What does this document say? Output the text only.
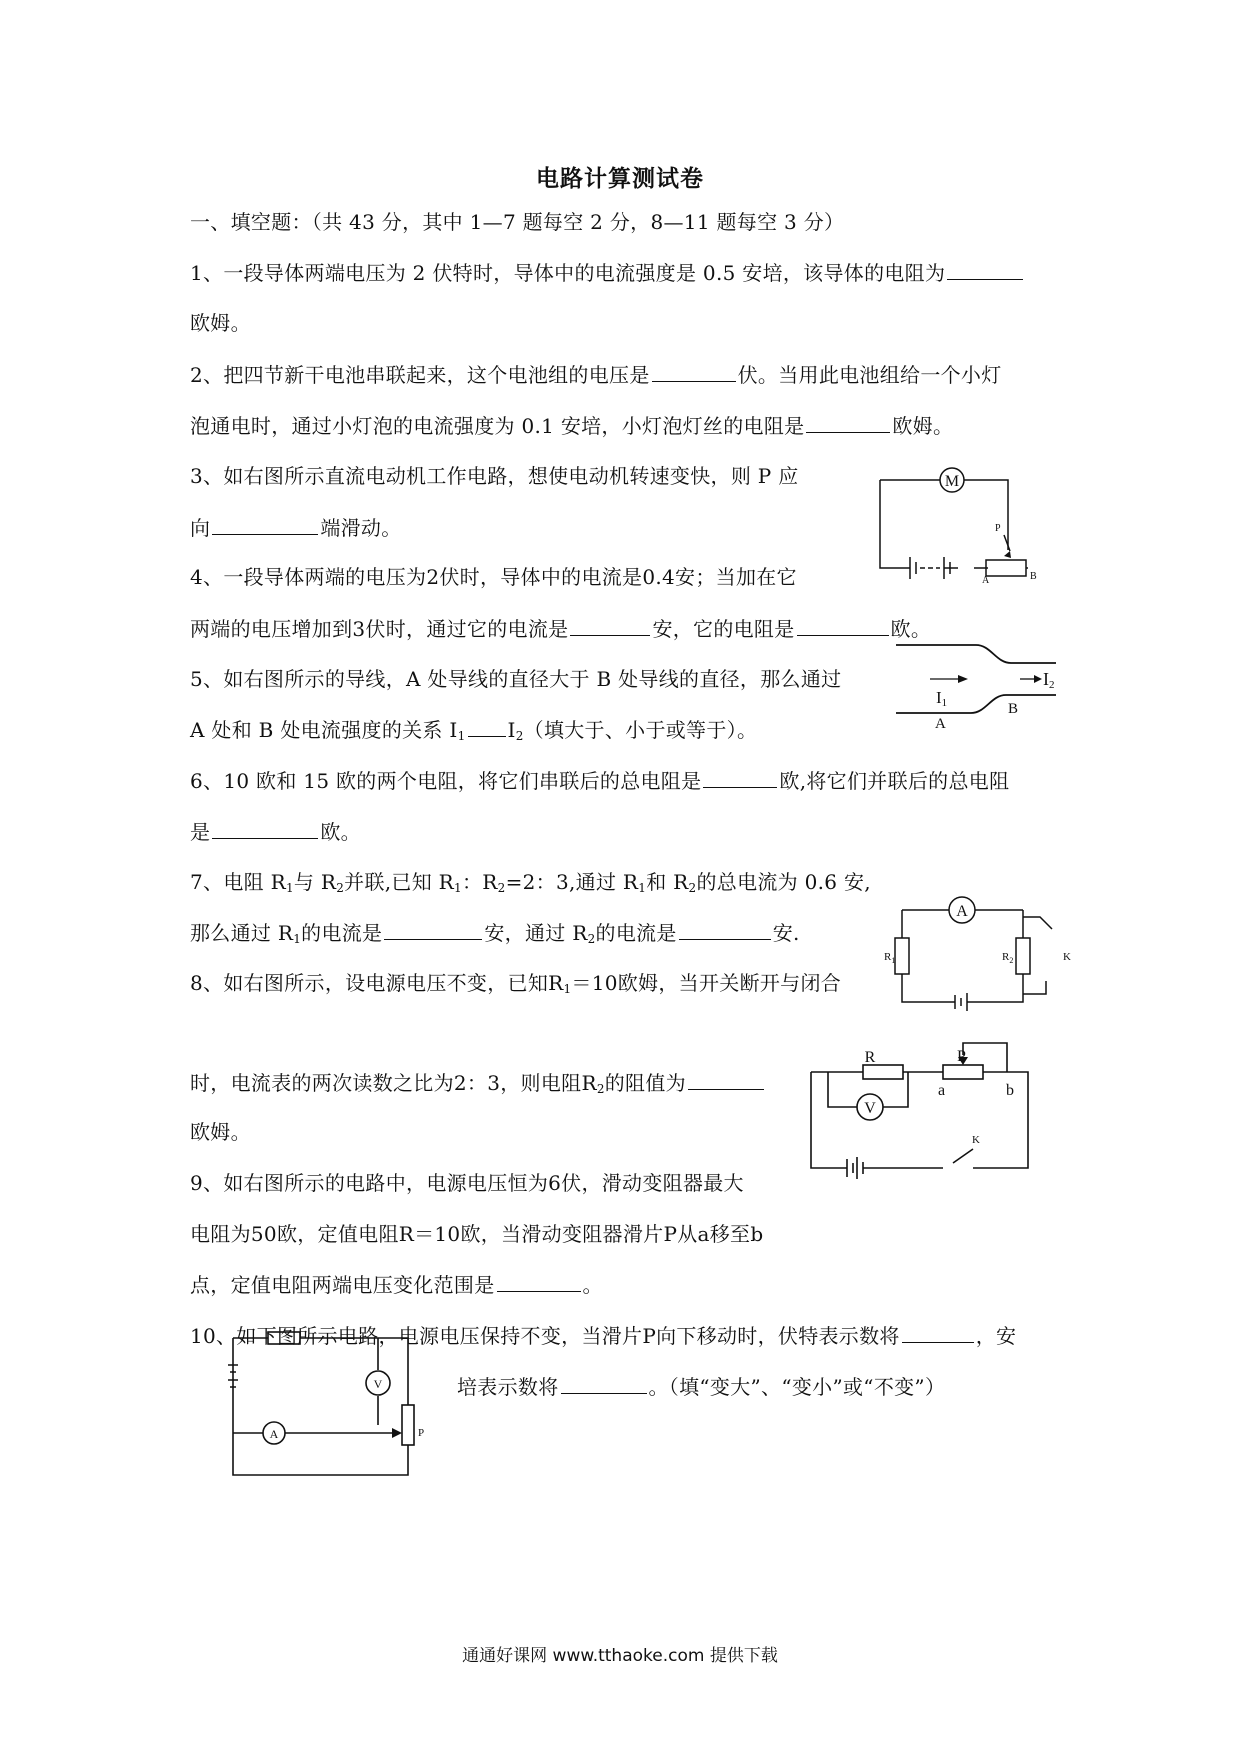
电路计算测试卷
一、填空题：（共 43 分，其中 1—7 题每空 2 分，8—11 题每空 3 分）
1、一段导体两端电压为 2 伏特时，导体中的电流强度是 0.5 安培，该导体的电阻为
欧姆。
2、把四节新干电池串联起来，这个电池组的电压是	伏。当用此电池组给一个小灯
泡通电时，通过小灯泡的电流强度为 0.1 安培，小灯泡灯丝的电阻是	欧姆。
3、如右图所示直流电动机工作电路，想使电动机转速变快，则 P 应
向	端滑动。
4、一段导体两端的电压为2伏时，导体中的电流是0.4安；当加在它
两端的电压增加到3伏时，通过它的电流是	安，它的电阻是	欧。
5、如右图所示的导线，A 处导线的直径大于 B 处导线的直径，那么通过
A 处和 B 处电流强度的关系 $I_1$ $I_2$（填大于、小于或等于）。
6、10 欧和 15 欧的两个电阻，将它们串联后的总电阻是	欧,将它们并联后的总电阻
是	欧。
7、电阻 $R_1$与 $R_2$并联,已知 $R_1$：$R_2=2$：3,通过 $R_1$和 $R_2$的总电流为 0.6 安,
那么通过 $R_1$的电流是	安，通过 $R_2$的电流是	安.
8、如右图所示，设电源电压不变，已知$R_1=10$欧姆，当开关断开与闭合
时，电流表的两次读数之比为2：3，则电阻$R_2$的阻值为
欧姆。
9、如右图所示的电路中，电源电压恒为6伏，滑动变阻器最大
电阻为50欧，定值电阻R＝10欧，当滑动变阻器滑片P从a移至b
点，定值电阻两端电压变化范围是	。
10、如下图所示电路，电源电压保持不变，当滑片P向下移动时，伏特表示数将	，安
培表示数将	。（填“变大”、“变小”或“不变”）
M
P
A	B
I1
I2
A
B
A
$R_1$	$R_2$	K
R	P
a	b
V
K
V
A	P
通通好课网 www.tthaoke.com 提供下载
